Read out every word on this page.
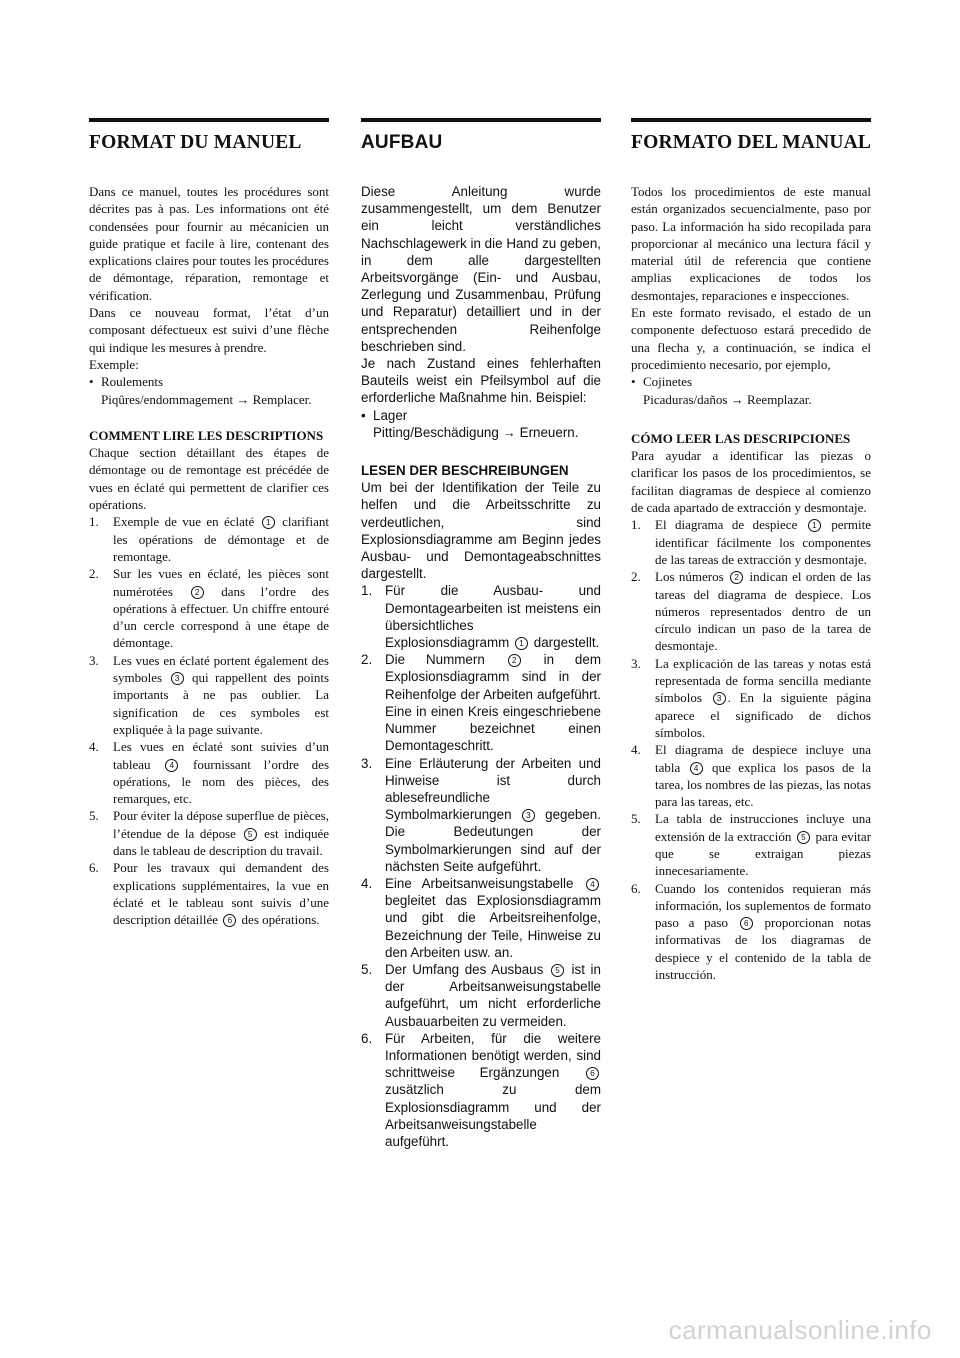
FORMAT DU MANUEL

Dans ce manuel, toutes les procédures sont décrites pas à pas. Les informations ont été condensées pour fournir au mécanicien un guide pratique et facile à lire, contenant des explications claires pour toutes les procédures de démontage, réparation, remontage et vérification.

Dans ce nouveau format, l’état d’un composant défectueux est suivi d’une flèche qui indique les mesures à prendre.

Exemple:

• Roulements
Piqûres/endommagement → Remplacer.

COMMENT LIRE LES DESCRIPTIONS

Chaque section détaillant des étapes de démontage ou de remontage est précédée de vues en éclaté qui permettent de clarifier ces opérations.

1.	Exemple de vue en éclaté 1 clarifiant les opérations de démontage et de remontage.
2.	Sur les vues en éclaté, les pièces sont numérotées	2 dans l’ordre des opérations à effectuer. Un chiffre entouré d’un cercle correspond à une étape de démontage.
3.	Les vues en éclaté portent également des symboles 3 qui rappellent des points importants à ne pas oublier. La signification de ces symboles est expliquée à la page suivante.
4.	Les vues en éclaté sont suivies d’un tableau 4 fournissant l’ordre des opérations, le nom des pièces, des remarques, etc.
5.	Pour éviter la dépose superflue de pièces, l’étendue de la dépose 5 est indiquée dans le tableau de description du travail.
6.	Pour les travaux qui demandent des explications supplémentaires, la vue en éclaté et le tableau sont suivis d’une description détaillée 6 des opérations.
AUFBAU

Diese Anleitung wurde zusammengestellt, um dem Benutzer ein leicht verständliches Nachschlagewerk in die Hand zu geben, in dem alle dargestellten Arbeitsvorgänge (Ein- und Ausbau, Zerlegung und Zusammenbau, Prüfung und Reparatur) detailliert und in der entsprechenden Reihenfolge beschrieben sind.

Je nach Zustand eines fehlerhaften Bauteils weist ein Pfeilsymbol auf die erforderliche Maßnahme hin. Beispiel:

• Lager
Pitting/Beschädigung → Erneuern.

LESEN DER BESCHREIBUNGEN

Um bei der Identifikation der Teile zu helfen und die Arbeitsschritte zu verdeutlichen, sind Explosionsdiagramme am Beginn jedes Ausbau- und Demontageabschnittes dargestellt.

1. Für die Ausbau- und Demontagearbeiten ist meistens ein übersichtliches Explosionsdiagramm 1 dargestellt.
2. Die Nummern	2 in dem Explosionsdiagramm sind in der Reihenfolge der Arbeiten aufgeführt. Eine in einen Kreis eingeschriebene Nummer bezeichnet einen Demontageschritt.
3. Eine Erläuterung der Arbeiten und Hinweise ist durch ablesefreundliche Symbolmarkierungen 3 gegeben. Die Bedeutungen der Symbolmarkierungen sind auf der nächsten Seite aufgeführt.
4. Eine Arbeitsanweisungstabelle 4 begleitet das Explosionsdiagramm und gibt die Arbeitsreihenfolge, Bezeichnung der Teile, Hinweise zu den Arbeiten usw. an.
5. Der Umfang des Ausbaus 5 ist in der Arbeitsanweisungstabelle aufgeführt, um nicht erforderliche Ausbauarbeiten zu vermeiden.
6. Für Arbeiten, für die weitere Informationen benötigt werden, sind schrittweise Ergänzungen	6 zusätzlich zu dem Explosionsdiagramm und der Arbeitsanweisungstabelle aufgeführt.
FORMATO DEL MANUAL

Todos los procedimientos de este manual están organizados secuencialmente, paso por paso. La información ha sido recopilada para proporcionar al mecánico una lectura fácil y material útil de referencia que contiene amplias explicaciones de todos los desmontajes, reparaciones e inspecciones.

En este formato revisado, el estado de un componente defectuoso estará precedido de una flecha y, a continuación, se indica el procedimiento necesario, por ejemplo,

• Cojinetes
Picaduras/daños → Reemplazar.

CÓMO LEER LAS DESCRIPCIONES

Para ayudar a identificar las piezas o clarificar los pasos de los procedimientos, se facilitan diagramas de despiece al comienzo de cada apartado de extracción y desmontaje.

1.	El diagrama de despiece 1 permite identificar fácilmente los componentes de las tareas de extracción y desmontaje.
2.	Los números 2 indican el orden de las tareas del diagrama de despiece. Los números representados dentro de un círculo indican un paso de la tarea de desmontaje.
3.	La explicación de las tareas y notas está representada de forma sencilla mediante símbolos 3 . En la siguiente página aparece el significado de dichos símbolos.
4.	El diagrama de despiece incluye una tabla 4 que explica los pasos de la tarea, los nombres de las piezas, las notas para las tareas, etc.
5.	La tabla de instrucciones incluye una extensión de la extracción 5 para evitar que se extraigan piezas innecesariamente.
6.	Cuando los contenidos requieran más información, los suplementos de formato paso a paso 6 proporcionan notas informativas de los diagramas de despiece y el contenido de la tabla de instrucción.
carmanualsonline.info
